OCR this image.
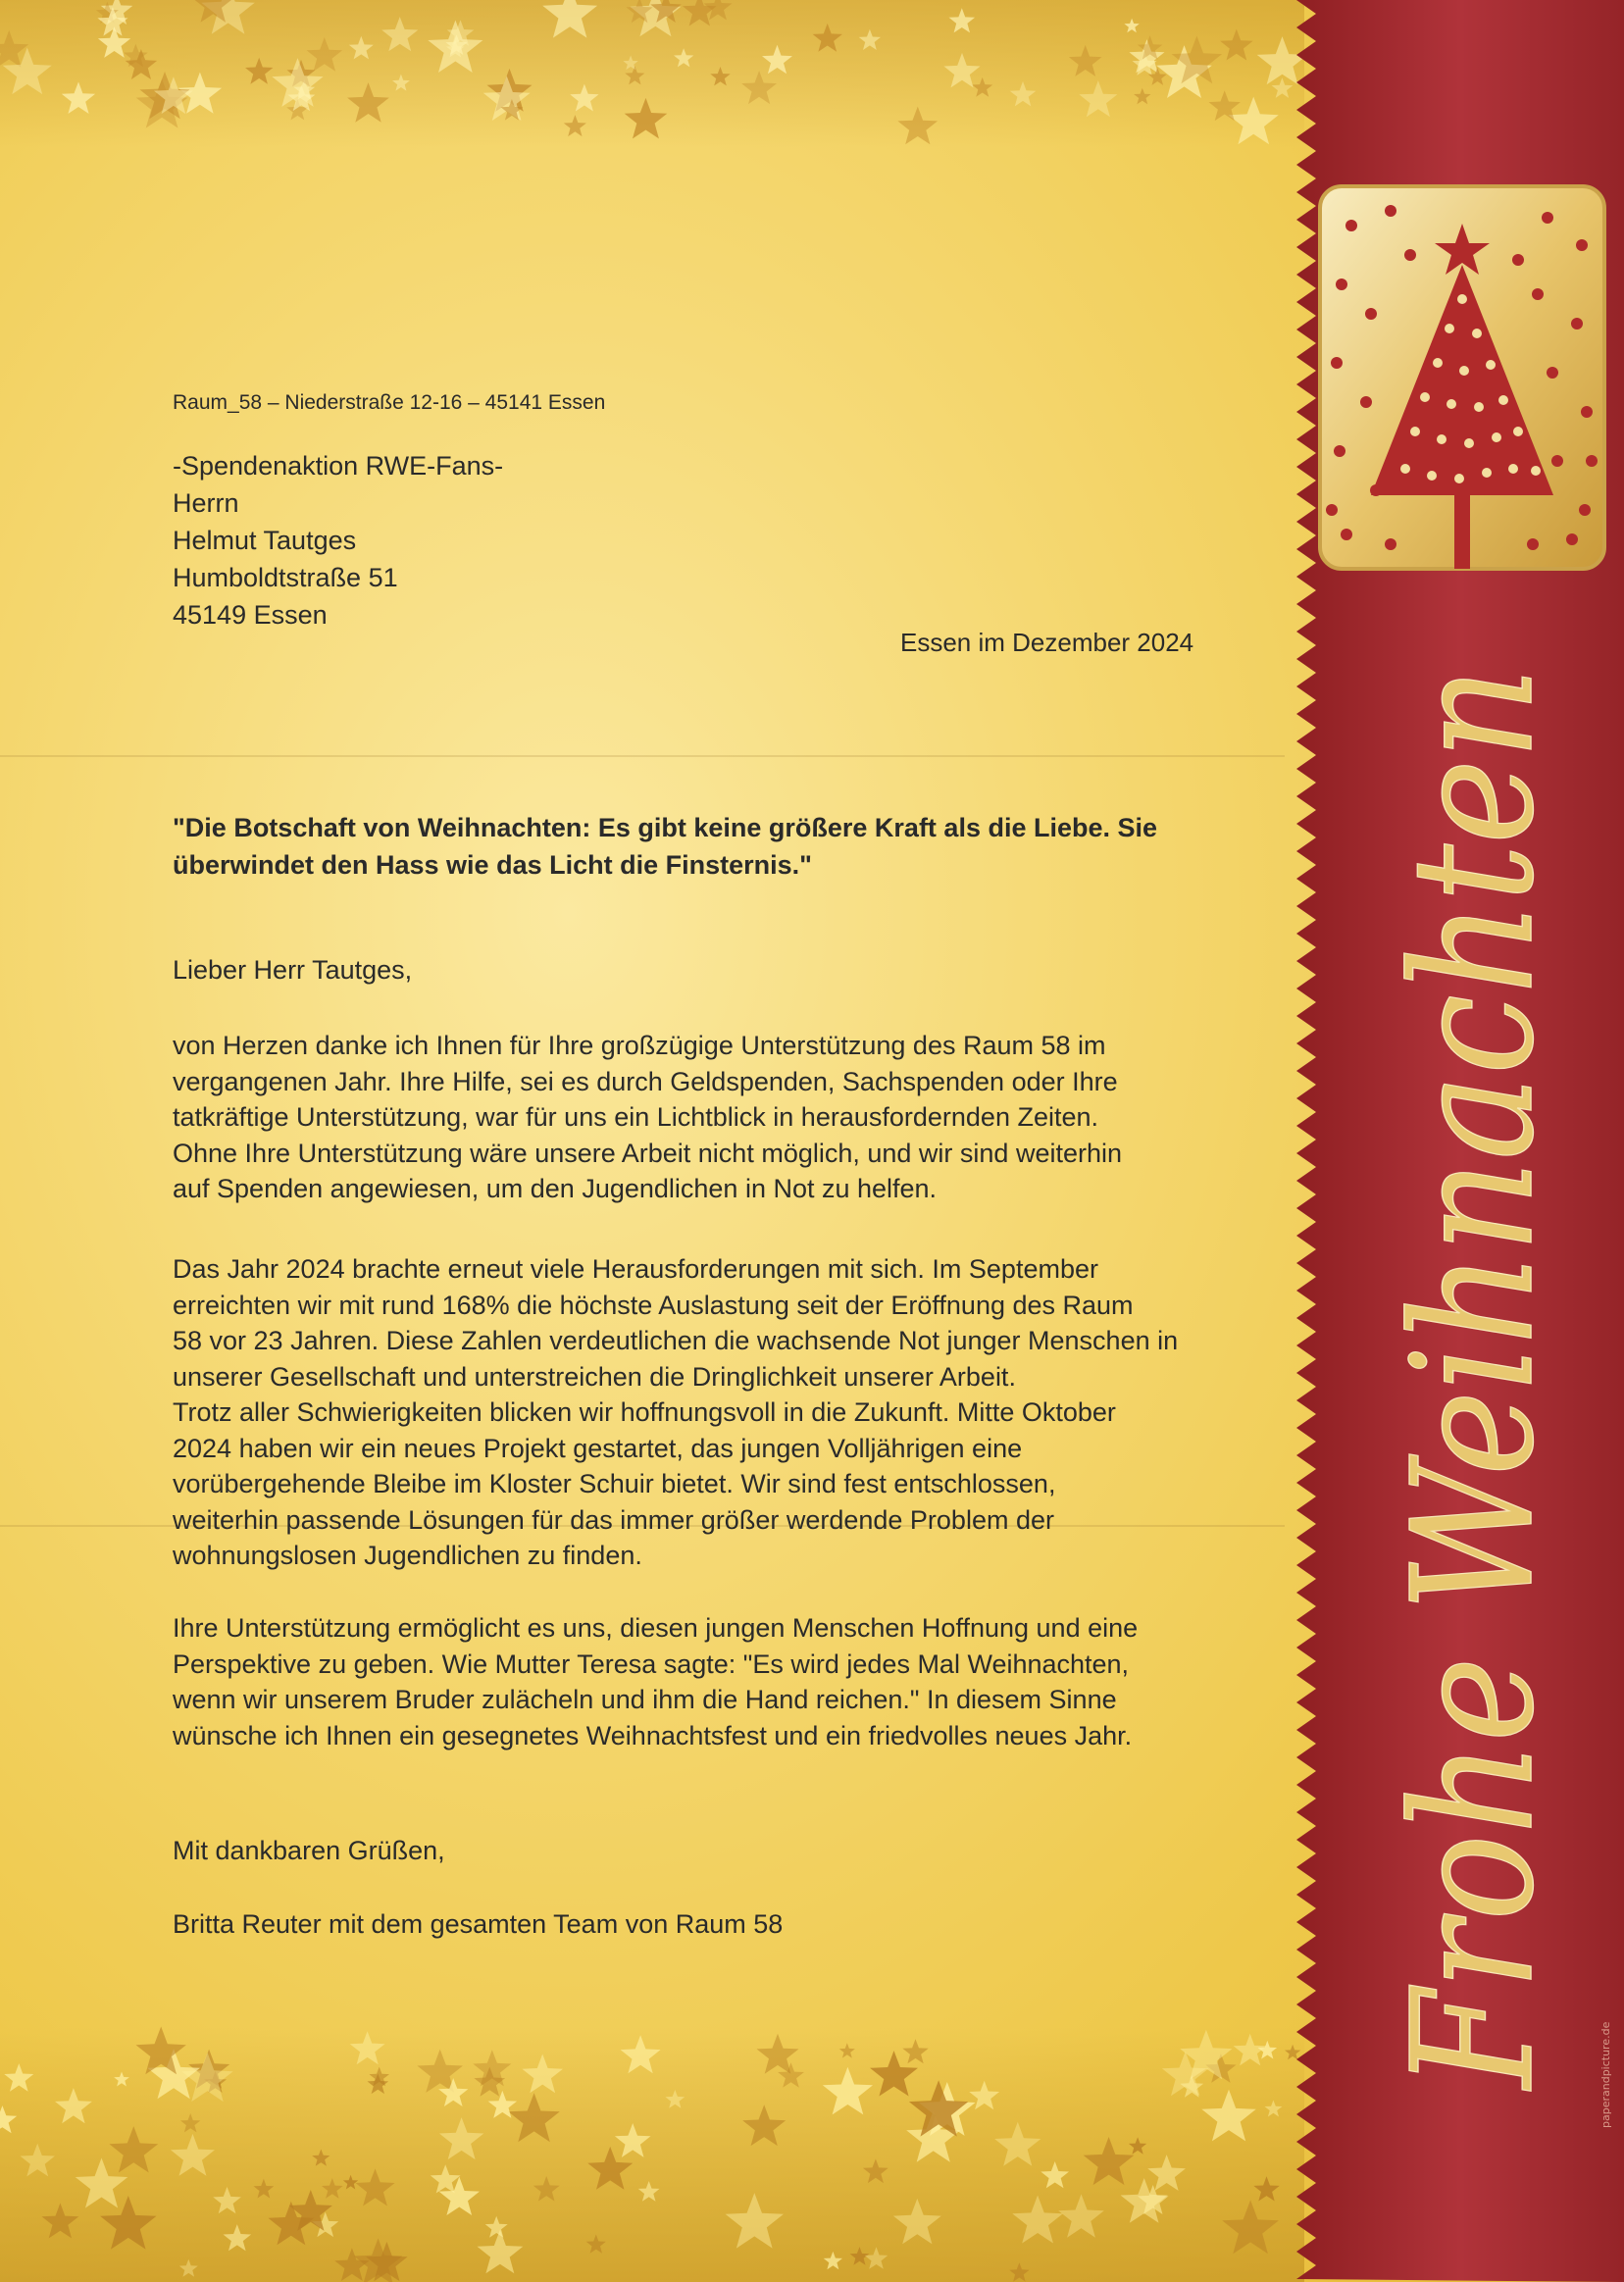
Frohe Weihnachten	paperandpicture.de
Raum_58 – Niederstraße 12-16 – 45141 Essen
-Spendenaktion RWE-Fans-
Herrn
Helmut Tautges
Humboldtstraße 51
45149 Essen
Essen im Dezember 2024
"Die Botschaft von Weihnachten: Es gibt keine größere Kraft als die Liebe. Sie
überwindet den Hass wie das Licht die Finsternis."
Lieber Herr Tautges,
von Herzen danke ich Ihnen für Ihre großzügige Unterstützung des Raum 58 im
vergangenen Jahr. Ihre Hilfe, sei es durch Geldspenden, Sachspenden oder Ihre
tatkräftige Unterstützung, war für uns ein Lichtblick in herausfordernden Zeiten.
Ohne Ihre Unterstützung wäre unsere Arbeit nicht möglich, und wir sind weiterhin
auf Spenden angewiesen, um den Jugendlichen in Not zu helfen.
Das Jahr 2024 brachte erneut viele Herausforderungen mit sich. Im September
erreichten wir mit rund 168% die höchste Auslastung seit der Eröffnung des Raum
58 vor 23 Jahren. Diese Zahlen verdeutlichen die wachsende Not junger Menschen in
unserer Gesellschaft und unterstreichen die Dringlichkeit unserer Arbeit.
Trotz aller Schwierigkeiten blicken wir hoffnungsvoll in die Zukunft. Mitte Oktober
2024 haben wir ein neues Projekt gestartet, das jungen Volljährigen eine
vorübergehende Bleibe im Kloster Schuir bietet. Wir sind fest entschlossen,
weiterhin passende Lösungen für das immer größer werdende Problem der
wohnungslosen Jugendlichen zu finden.
Ihre Unterstützung ermöglicht es uns, diesen jungen Menschen Hoffnung und eine
Perspektive zu geben. Wie Mutter Teresa sagte: "Es wird jedes Mal Weihnachten,
wenn wir unserem Bruder zulächeln und ihm die Hand reichen." In diesem Sinne
wünsche ich Ihnen ein gesegnetes Weihnachtsfest und ein friedvolles neues Jahr.
Mit dankbaren Grüßen,
Britta Reuter mit dem gesamten Team von Raum 58
